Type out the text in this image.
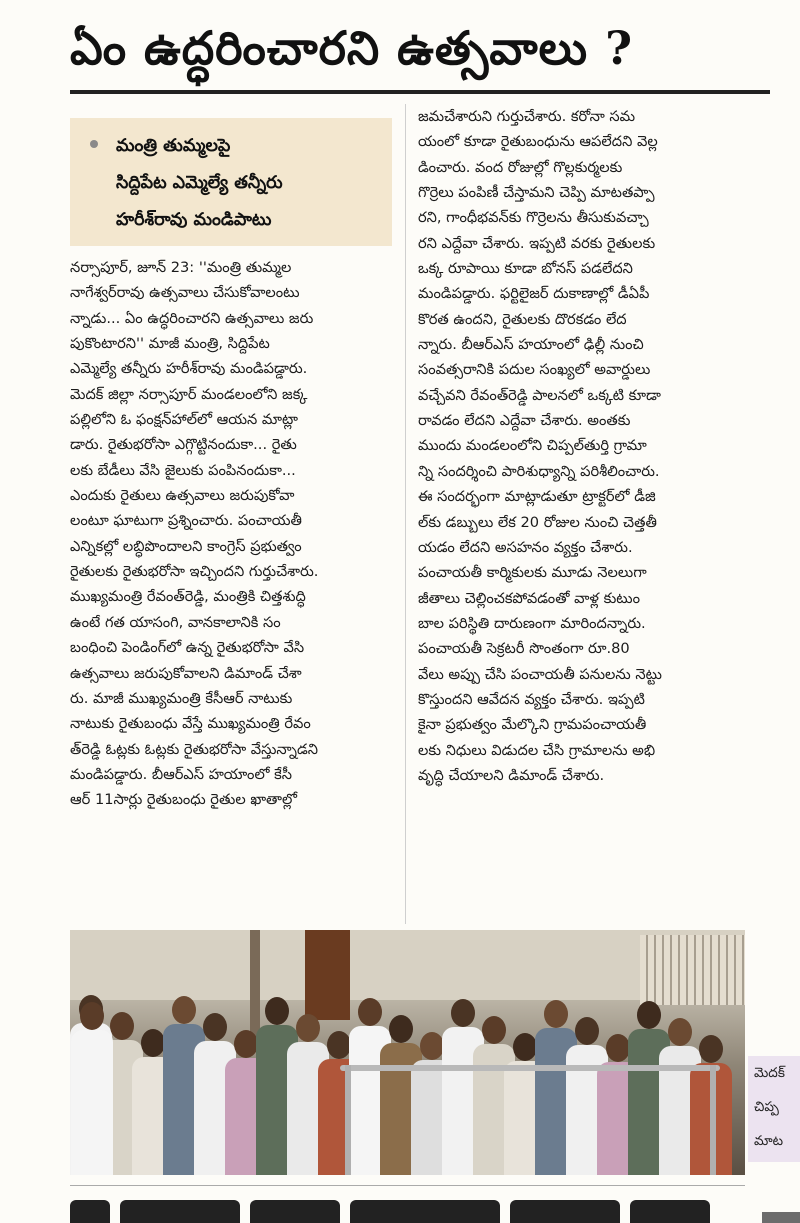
ఏం ఉద్ధరించారని ఉత్సవాలు ?
మంత్రి తుమ్మలపై
సిద్దిపేట ఎమ్మెల్యే తన్నీరు
హరీశ్‌రావు మండిపాటు
నర్సాపూర్, జూన్ 23: ''మంత్రి తుమ్మల
నాగేశ్వర్‌రావు ఉత్సవాలు చేసుకోవాలంటు
న్నాడు... ఏం ఉద్ధరించారని ఉత్సవాలు జరు
పుకొంటారని'' మాజీ మంత్రి, సిద్దిపేట
ఎమ్మెల్యే తన్నీరు హరీశ్‌రావు మండిపడ్డారు.
మెదక్ జిల్లా నర్సాపూర్ మండలంలోని జక్క
పల్లిలోని ఓ ఫంక్షన్‌హాల్‌లో ఆయన మాట్లా
డారు. రైతుభరోసా ఎగ్గొట్టినందుకా... రైతు
లకు బేడీలు వేసి జైలుకు పంపినందుకా...
ఎందుకు రైతులు ఉత్సవాలు జరుపుకోవా
లంటూ ఘాటుగా ప్రశ్నించారు. పంచాయతీ
ఎన్నికల్లో లబ్ధిపొందాలని కాంగ్రెస్ ప్రభుత్వం
రైతులకు రైతుభరోసా ఇచ్చిందని గుర్తుచేశారు.
ముఖ్యమంత్రి రేవంత్‌రెడ్డి, మంత్రికి చిత్తశుద్ధి
ఉంటే గత యాసంగి, వానకాలానికి సం
బంధించి పెండింగ్‌లో ఉన్న రైతుభరోసా వేసి
ఉత్సవాలు జరుపుకోవాలని డిమాండ్ చేశా
రు. మాజీ ముఖ్యమంత్రి కేసీఆర్ నాటుకు
నాటుకు రైతుబంధు వేస్తే ముఖ్యమంత్రి రేవం
త్‌రెడ్డి ఓట్లకు ఓట్లకు రైతుభరోసా వేస్తున్నాడని
మండిపడ్డారు. బీఆర్‌ఎస్ హయాంలో కేసీ
ఆర్ 11సార్లు రైతుబంధు రైతుల ఖాతాల్లో
జమచేశారుని గుర్తుచేశారు. కరోనా సమ
యంలో కూడా రైతుబంధును ఆపలేదని వెల్ల
డించారు. వంద రోజుల్లో గొల్లకుర్మలకు
గొర్రెలు పంపిణీ చేస్తామని చెప్పి మాటతప్పా
రని, గాంధీభవన్‌కు గొర్రెలను తీసుకువచ్చా
రని ఎద్దేవా చేశారు. ఇప్పటి వరకు రైతులకు
ఒక్క రూపాయి కూడా బోనస్ పడలేదని
మండిపడ్డారు. ఫర్టిలైజర్ దుకాణాల్లో డీఏపీ
కొరత ఉందని, రైతులకు దొరకడం లేద
న్నారు. బీఆర్‌ఎస్ హయాంలో ఢిల్లీ నుంచి
సంవత్సరానికి పదుల సంఖ్యలో అవార్డులు
వచ్చేవని రేవంత్‌రెడ్డి పాలనలో ఒక్కటి కూడా
రావడం లేదని ఎద్దేవా చేశారు. అంతకు
ముందు మండలంలోని చిప్పల్‌తుర్తి గ్రామా
న్ని సందర్శించి పారిశుధ్యాన్ని పరిశీలించారు.
ఈ సందర్భంగా మాట్లాడుతూ ట్రాక్టర్‌లో డీజి
ల్‌కు డబ్బులు లేక 20 రోజుల నుంచి చెత్తతీ
యడం లేదని అసహనం వ్యక్తం చేశారు.
పంచాయతీ కార్మికులకు మూడు నెలలుగా
జీతాలు చెల్లించకపోవడంతో వాళ్ల కుటుం
బాల పరిస్థితి దారుణంగా మారిందన్నారు.
పంచాయతీ సెక్రటరీ సొంతంగా రూ.80
వేలు అప్పు చేసి పంచాయతీ పనులను నెట్టు
కొస్తుందని ఆవేదన వ్యక్తం చేశారు. ఇప్పటి
కైనా ప్రభుత్వం మేల్కొని గ్రామపంచాయతీ
లకు నిధులు విడుదల చేసి గ్రామాలను అభి
వృద్ధి చేయాలని డిమాండ్ చేశారు.
మెదక్
చిప్ప
మాట
